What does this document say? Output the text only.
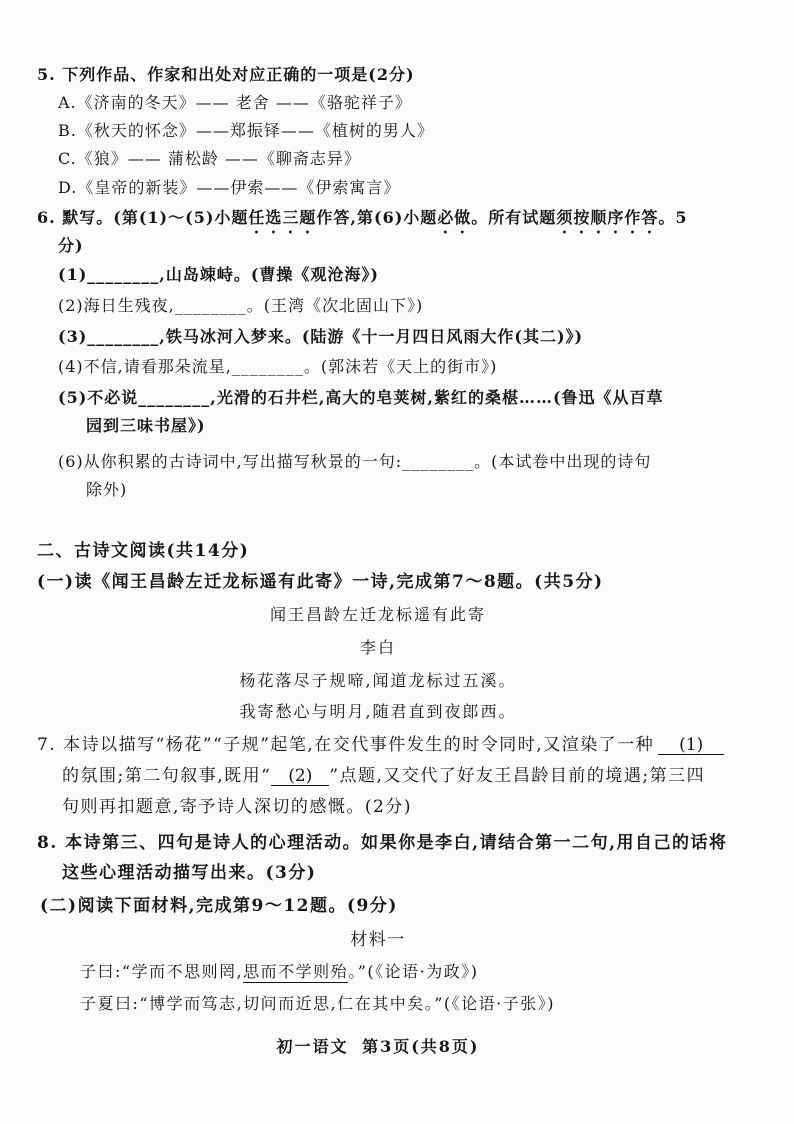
5. 下列作品、作家和出处对应正确的一项是(2分)
A.《济南的冬天》—— 老舍 ——《骆驼祥子》
B.《秋天的怀念》——郑振铎——《植树的男人》
C.《狼》—— 蒲松龄 ——《聊斋志异》
D.《皇帝的新装》——伊索——《伊索寓言》
6. 默写。(第(1)～(5)小题任选三题作答,第(6)小题必做。所有试题须按顺序作答。5
分)
(1)________,山岛竦峙。(曹操《观沧海》)
(2)海日生残夜,________。(王湾《次北固山下》)
(3)________,铁马冰河入梦来。(陆游《十一月四日风雨大作(其二)》)
(4)不信,请看那朵流星,________。(郭沫若《天上的街市》)
(5)不必说________,光滑的石井栏,高大的皂荚树,紫红的桑椹……(鲁迅《从百草
园到三味书屋》)
(6)从你积累的古诗词中,写出描写秋景的一句:________。(本试卷中出现的诗句
除外)
二、古诗文阅读(共14分)
(一)读《闻王昌龄左迁龙标遥有此寄》一诗,完成第7～8题。(共5分)
闻王昌龄左迁龙标遥有此寄
李白
杨花落尽子规啼,闻道龙标过五溪。
我寄愁心与明月,随君直到夜郎西。
7. 本诗以描写“杨花”“子规”起笔,在交代事件发生的时令同时,又渲染了一种 (1)
的氛围;第二句叙事,既用“ (2) ”点题,又交代了好友王昌龄目前的境遇;第三四
句则再扣题意,寄予诗人深切的感慨。(2分)
8. 本诗第三、四句是诗人的心理活动。如果你是李白,请结合第一二句,用自己的话将
这些心理活动描写出来。(3分)
(二)阅读下面材料,完成第9～12题。(9分)
材料一
子曰:“学而不思则罔,思而不学则殆。”(《论语·为政》)
子夏曰:“博学而笃志,切问而近思,仁在其中矣。”(《论语·子张》)
初一语文 第3页(共8页)
